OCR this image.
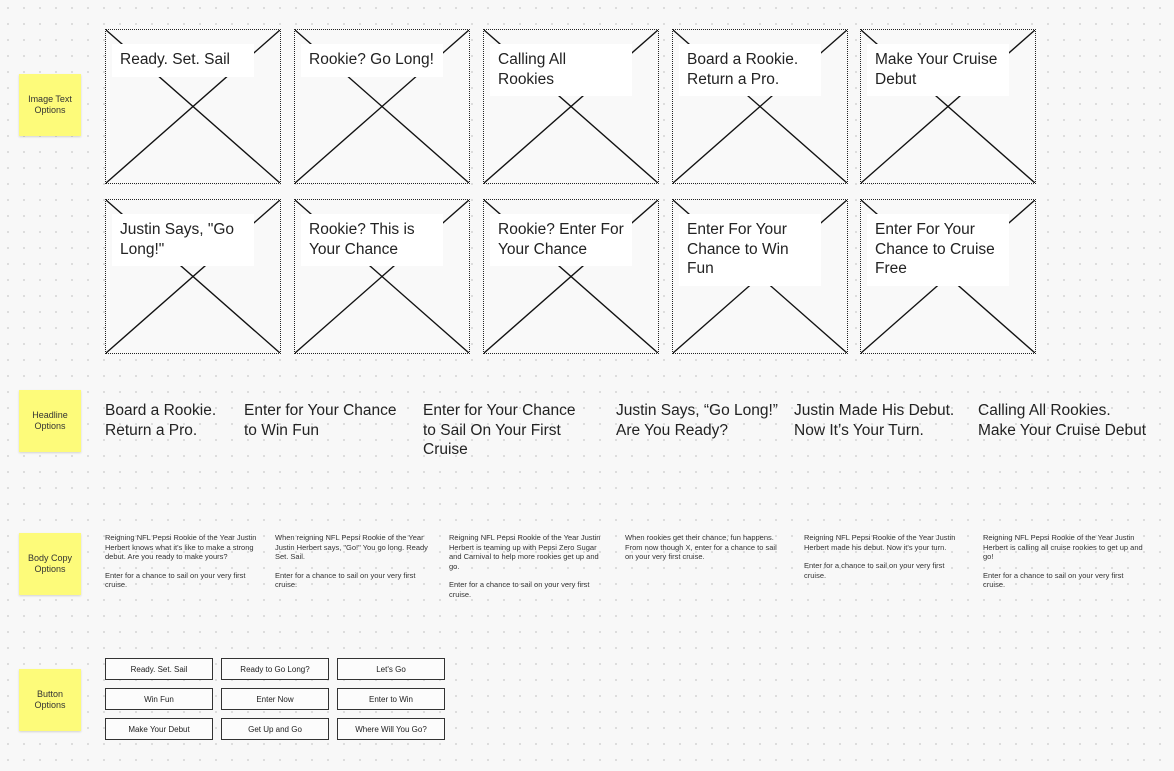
Image Text
Options
Headline
Options
Body Copy
Options
Button
Options
Ready. Set. Sail	Rookie? Go Long!	Calling All Rookies
Board a Rookie.
Return a Pro.
Make Your Cruise
Debut
Justin Says, "Go
Long!"
Rookie? This is
Your Chance
Rookie? Enter For
Your Chance
Enter For Your
Chance to Win
Fun
Enter For Your
Chance to Cruise
Free
Board a Rookie.
Return a Pro.
Enter for Your Chance
to Win Fun
Enter for Your Chance
to Sail On Your First
Cruise
Justin Says, “Go Long!”
Are You Ready?
Justin Made His Debut.
Now It’s Your Turn.
Calling All Rookies.
Make Your Cruise Debut

Reigning NFL Pepsi Rookie of the Year Justin Herbert knows what it's like to make a strong debut. Are you ready to make yours?

Enter for a chance to sail on your very first cruise.

When reigning NFL Pepsi Rookie of the Year Justin Herbert says, "Go!" You go long. Ready Set. Sail.

Enter for a chance to sail on your very first cruise.

Reigning NFL Pepsi Rookie of the Year Justin Herbert is teaming up with Pepsi Zero Sugar and Carnival to help more rookies get up and go.

Enter for a chance to sail on your very first cruise.

When rookies get their chance, fun happens. From now though X, enter for a chance to sail on your very first cruise.

Reigning NFL Pepsi Rookie of the Year Justin Herbert made his debut. Now it's your turn.

Enter for a chance to sail on your very first cruise.

Reigning NFL Pepsi Rookie of the Year Justin Herbert is calling all cruise rookies to get up and go!

Enter for a chance to sail on your very first cruise.

Ready. Set. Sail	Ready to Go Long?	Let's Go
Win Fun	Enter Now	Enter to Win
Make Your Debut	Get Up and Go	Where Will You Go?
